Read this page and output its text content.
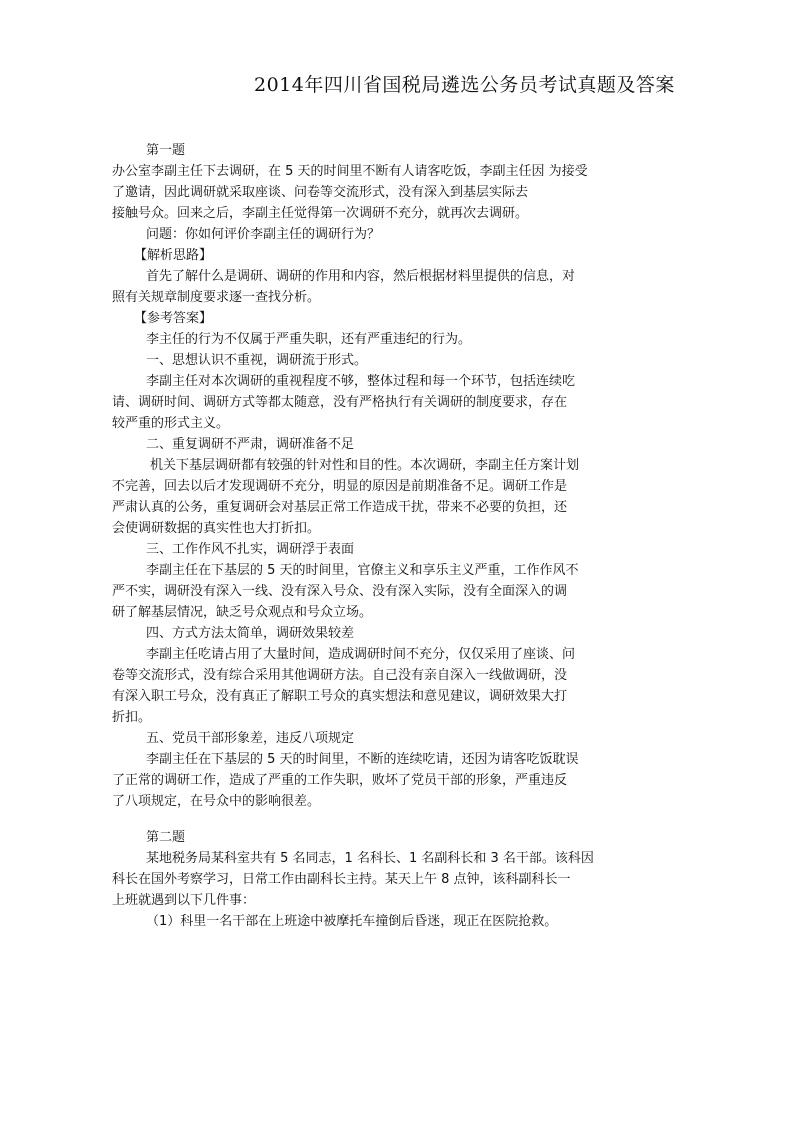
2014年四川省国税局遴选公务员考试真题及答案
第一题
办公室李副主任下去调研，在 5 天的时间里不断有人请客吃饭，李副主任因 为接受
了邀请，因此调研就采取座谈、问卷等交流形式，没有深入到基层实际去
接触号众。回来之后，李副主任觉得第一次调研不充分，就再次去调研。
问题：你如何评价李副主任的调研行为？
【解析思路】
首先了解什么是调研、调研的作用和内容，然后根据材料里提供的信息，对
照有关规章制度要求逐一查找分析。
【参考答案】
李主任的行为不仅属于严重失职，还有严重违纪的行为。
一、思想认识不重视，调研流于形式。
李副主任对本次调研的重视程度不够，整体过程和每一个环节，包括连续吃
请、调研时间、调研方式等都太随意，没有严格执行有关调研的制度要求，存在
较严重的形式主义。
二、重复调研不严肃，调研准备不足
机关下基层调研都有较强的针对性和目的性。本次调研，李副主任方案计划
不完善，回去以后才发现调研不充分，明显的原因是前期准备不足。调研工作是
严肃认真的公务，重复调研会对基层正常工作造成干扰，带来不必要的负担，还
会使调研数据的真实性也大打折扣。
三、工作作风不扎实，调研浮于表面
李副主任在下基层的 5 天的时间里，官僚主义和享乐主义严重，工作作风不
严不实，调研没有深入一线、没有深入号众、没有深入实际，没有全面深入的调
研了解基层情况，缺乏号众观点和号众立场。
四、方式方法太简单，调研效果较差
李副主任吃请占用了大量时间，造成调研时间不充分，仅仅采用了座谈、问
卷等交流形式，没有综合采用其他调研方法。自己没有亲自深入一线做调研，没
有深入职工号众，没有真正了解职工号众的真实想法和意见建议，调研效果大打
折扣。
五、党员干部形象差，违反八项规定
李副主任在下基层的 5 天的时间里，不断的连续吃请，还因为请客吃饭耽误
了正常的调研工作，造成了严重的工作失职，败坏了党员干部的形象，严重违反
了八项规定，在号众中的影响很差。
第二题
某地税务局某科室共有 5 名同志，1 名科长、1 名副科长和 3 名干部。该科因
科长在国外考察学习，日常工作由副科长主持。某天上午 8 点钟，该科副科长一
上班就遇到以下几件事：
（1）科里一名干部在上班途中被摩托车撞倒后昏迷，现正在医院抢救。
